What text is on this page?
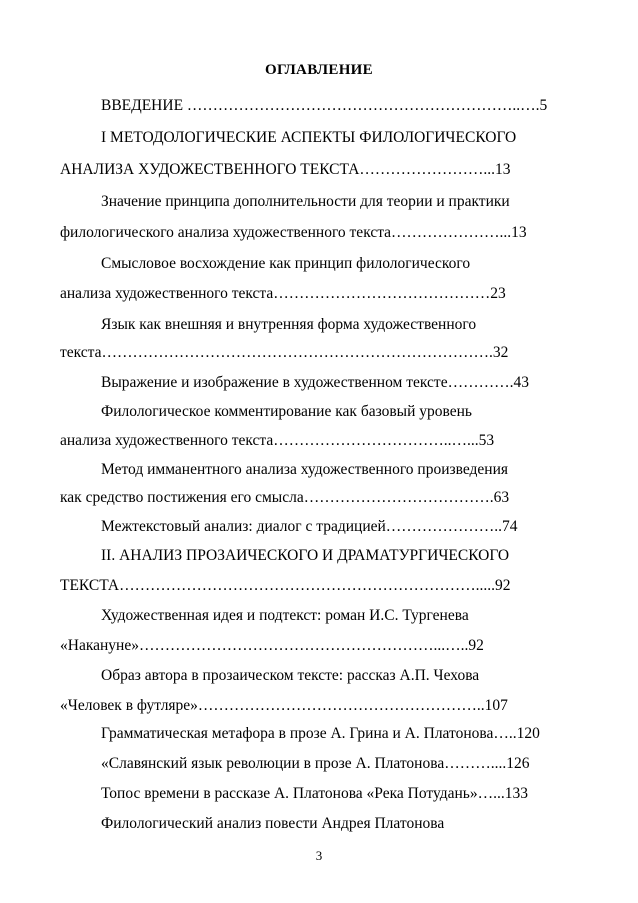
ОГЛАВЛЕНИЕ
ВВЕДЕНИЕ ………………………………………………………..….5
I МЕТОДОЛОГИЧЕСКИЕ АСПЕКТЫ ФИЛОЛОГИЧЕСКОГО
АНАЛИЗА ХУДОЖЕСТВЕННОГО ТЕКСТА……………………...13
Значение принципа дополнительности для теории и практики
филологического анализа художественного текста…………………...13
Смысловое восхождение как принцип филологического
анализа художественного текста……………………………………23
Язык как внешняя и внутренняя форма художественного
текста………………………………………………………………….32
Выражение и изображение в художественном тексте………….43
Филологическое комментирование как базовый уровень
анализа художественного текста……………………………..…...53
Метод имманентного анализа художественного произведения
как средство постижения его смысла……………………………….63
Межтекстовый анализ: диалог с традицией…………………..74
II. АНАЛИЗ ПРОЗАИЧЕСКОГО И ДРАМАТУРГИЧЕСКОГО
ТЕКСТА…………………………………………………………….....92
Художественная идея и подтекст: роман И.С. Тургенева
«Накануне»…………………………………………………...…..92
Образ автора в прозаическом тексте: рассказ А.П. Чехова
«Человек в футляре»………………………………………………..107
Грамматическая метафора в прозе А. Грина и А. Платонова…..120
«Славянский язык революции в прозе А. Платонова………....126
Топос времени в рассказе А. Платонова «Река Потудань»…...133
Филологический анализ повести Андрея Платонова
3
